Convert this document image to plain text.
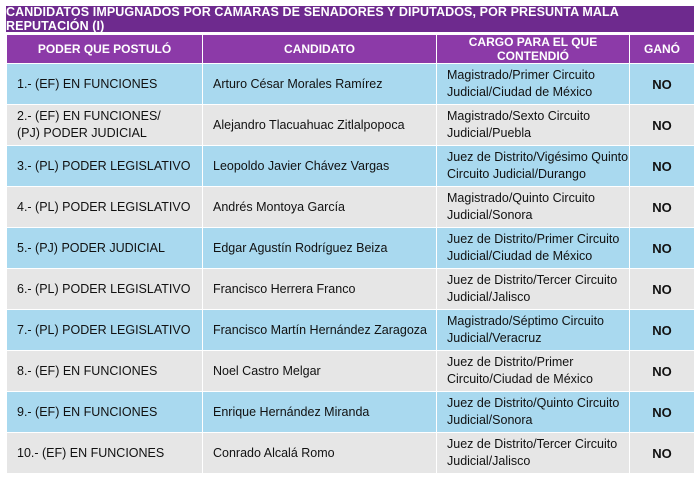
CANDIDATOS IMPUGNADOS POR CÁMARAS DE SENADORES Y DIPUTADOS, POR PRESUNTA MALA REPUTACIÓN (I)
PODER QUE POSTULÓ	CANDIDATO	CARGO PARA EL QUE CONTENDIÓ	GANÓ
1.- (EF) EN FUNCIONES	Arturo César Morales Ramírez	Magistrado/Primer Circuito
Judicial/Ciudad de México	NO
2.- (EF) EN FUNCIONES/
(PJ) PODER JUDICIAL	Alejandro Tlacuahuac Zitlalpopoca	Magistrado/Sexto Circuito
Judicial/Puebla	NO
3.- (PL) PODER LEGISLATIVO	Leopoldo Javier Chávez Vargas	Juez de Distrito/Vigésimo Quinto
Circuito Judicial/Durango	NO
4.- (PL) PODER LEGISLATIVO	Andrés Montoya García	Magistrado/Quinto Circuito
Judicial/Sonora	NO
5.- (PJ) PODER JUDICIAL	Edgar Agustín Rodríguez Beiza	Juez de Distrito/Primer Circuito
Judicial/Ciudad de México	NO
6.- (PL) PODER LEGISLATIVO	Francisco Herrera Franco	Juez de Distrito/Tercer Circuito
Judicial/Jalisco	NO
7.- (PL) PODER LEGISLATIVO	Francisco Martín Hernández Zaragoza	Magistrado/Séptimo Circuito
Judicial/Veracruz	NO
8.- (EF) EN FUNCIONES	Noel Castro Melgar	Juez de Distrito/Primer
Circuito/Ciudad de México	NO
9.- (EF) EN FUNCIONES	Enrique Hernández Miranda	Juez de Distrito/Quinto Circuito
Judicial/Sonora	NO
10.- (EF) EN FUNCIONES	Conrado Alcalá Romo	Juez de Distrito/Tercer Circuito
Judicial/Jalisco	NO
